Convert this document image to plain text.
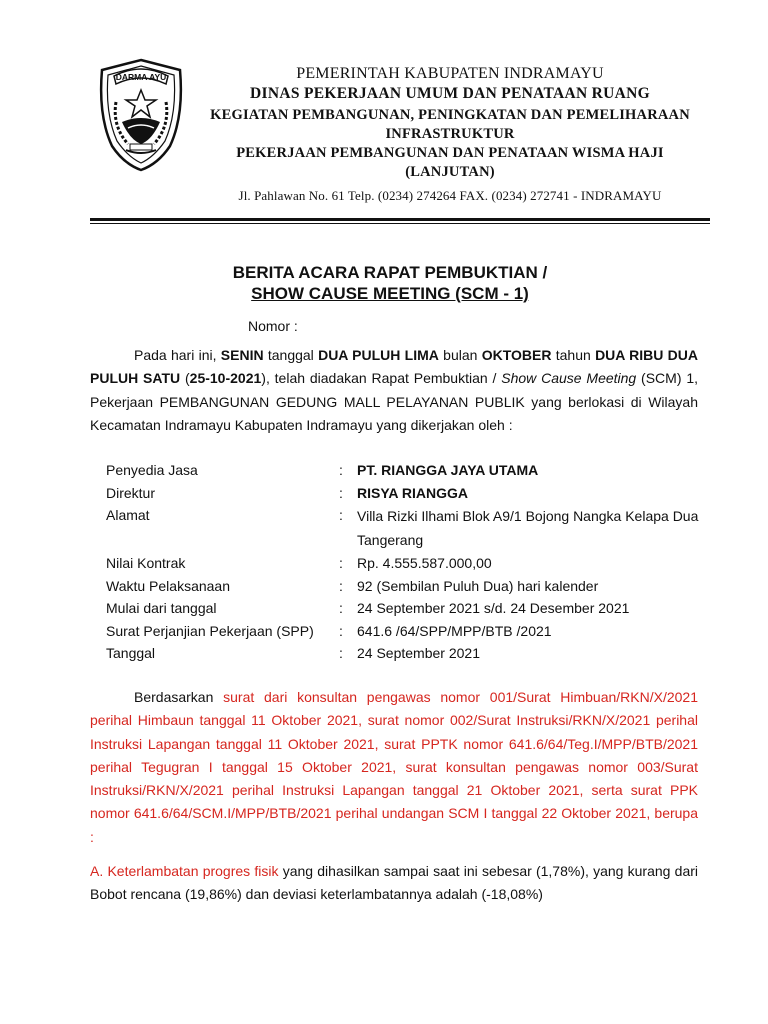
DARMA AYU	PEMERINTAH KABUPATEN INDRAMAYU
DINAS PEKERJAAN UMUM DAN PENATAAN RUANG
KEGIATAN PEMBANGUNAN, PENINGKATAN DAN PEMELIHARAAN INFRASTRUKTUR
PEKERJAAN PEMBANGUNAN DAN PENATAAN WISMA HAJI (LANJUTAN)
Jl. Pahlawan No. 61 Telp. (0234) 274264 FAX. (0234) 272741 - INDRAMAYU
BERITA ACARA RAPAT PEMBUKTIAN /
SHOW CAUSE MEETING (SCM - 1)
Nomor :
Pada hari ini, SENIN tanggal DUA PULUH LIMA bulan OKTOBER tahun DUA RIBU DUA PULUH SATU (25-10-2021), telah diadakan Rapat Pembuktian / Show Cause Meeting (SCM) 1, Pekerjaan PEMBANGUNAN GEDUNG MALL PELAYANAN PUBLIK yang berlokasi di Wilayah Kecamatan Indramayu Kabupaten Indramayu yang dikerjakan oleh :
Penyedia Jasa	:	PT. RIANGGA JAYA UTAMA
Direktur	:	RISYA RIANGGA
Alamat	:	Villa Rizki Ilhami Blok A9/1 Bojong Nangka Kelapa Dua Tangerang
Nilai Kontrak	:	Rp. 4.555.587.000,00
Waktu Pelaksanaan	:	92 (Sembilan Puluh Dua) hari kalender
Mulai dari tanggal	:	24 September 2021 s/d. 24 Desember 2021
Surat Perjanjian Pekerjaan (SPP)	:	641.6 /64/SPP/MPP/BTB /2021
Tanggal	:	24 September 2021
Berdasarkan surat dari konsultan pengawas nomor 001/Surat Himbuan/RKN/X/2021 perihal Himbaun tanggal 11 Oktober 2021, surat nomor 002/Surat Instruksi/RKN/X/2021 perihal Instruksi Lapangan tanggal 11 Oktober 2021, surat PPTK nomor 641.6/64/Teg.I/MPP/BTB/2021 perihal Tegugran I tanggal 15 Oktober 2021, surat konsultan pengawas nomor 003/Surat Instruksi/RKN/X/2021 perihal Instruksi Lapangan tanggal 21 Oktober 2021, serta surat PPK nomor 641.6/64/SCM.I/MPP/BTB/2021 perihal undangan SCM I tanggal 22 Oktober 2021, berupa :
A. Keterlambatan progres fisik yang dihasilkan sampai saat ini sebesar (1,78%), yang kurang dari Bobot rencana (19,86%) dan deviasi keterlambatannya adalah (-18,08%)
